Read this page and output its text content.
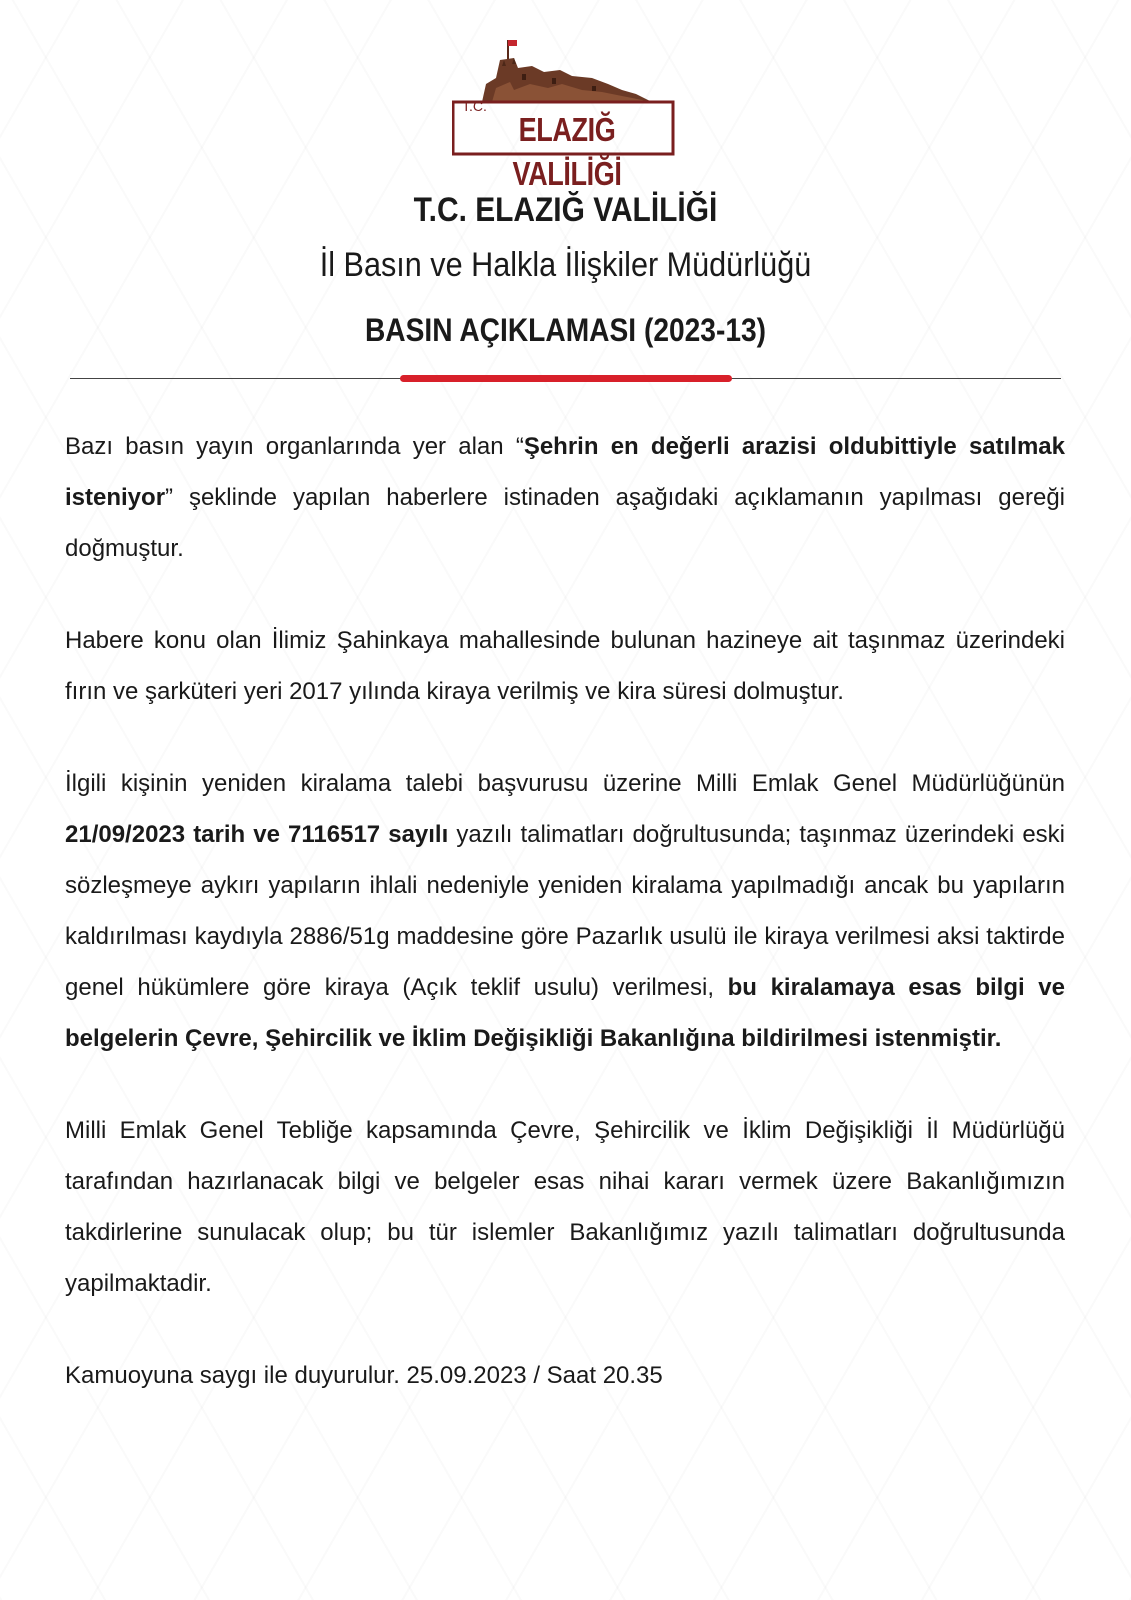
T.C.
ELAZIĞ VALİLİĞİ
T.C. ELAZIĞ VALİLİĞİ
İl Basın ve Halkla İlişkiler Müdürlüğü
BASIN AÇIKLAMASI (2023-13)

Bazı basın yayın organlarında yer alan “Şehrin en değerli arazisi oldubittiyle satılmak isteniyor” şeklinde yapılan haberlere istinaden aşağıdaki açıklamanın yapılması gereği doğmuştur.

Habere konu olan İlimiz Şahinkaya mahallesinde bulunan hazineye ait taşınmaz üzerindeki fırın ve şarküteri yeri 2017 yılında kiraya verilmiş ve kira süresi dolmuştur.

İlgili kişinin yeniden kiralama talebi başvurusu üzerine Milli Emlak Genel Müdürlüğünün 21/09/2023 tarih ve 7116517 sayılı yazılı talimatları doğrultusunda; taşınmaz üzerindeki eski sözleşmeye aykırı yapıların ihlali nedeniyle yeniden kiralama yapılmadığı ancak bu yapıların kaldırılması kaydıyla 2886/51g maddesine göre Pazarlık usulü ile kiraya verilmesi aksi taktirde genel hükümlere göre kiraya (Açık teklif usulu) verilmesi, bu kiralamaya esas bilgi ve belgelerin Çevre, Şehircilik ve İklim Değişikliği Bakanlığına bildirilmesi istenmiştir.

Milli Emlak Genel Tebliğe kapsamında Çevre, Şehircilik ve İklim Değişikliği İl Müdürlüğü tarafından hazırlanacak bilgi ve belgeler esas nihai kararı vermek üzere Bakanlığımızın takdirlerine sunulacak olup; bu tür islemler Bakanlığımız yazılı talimatları doğrultusunda yapilmaktadir.

Kamuoyuna saygı ile duyurulur. 25.09.2023 / Saat 20.35
